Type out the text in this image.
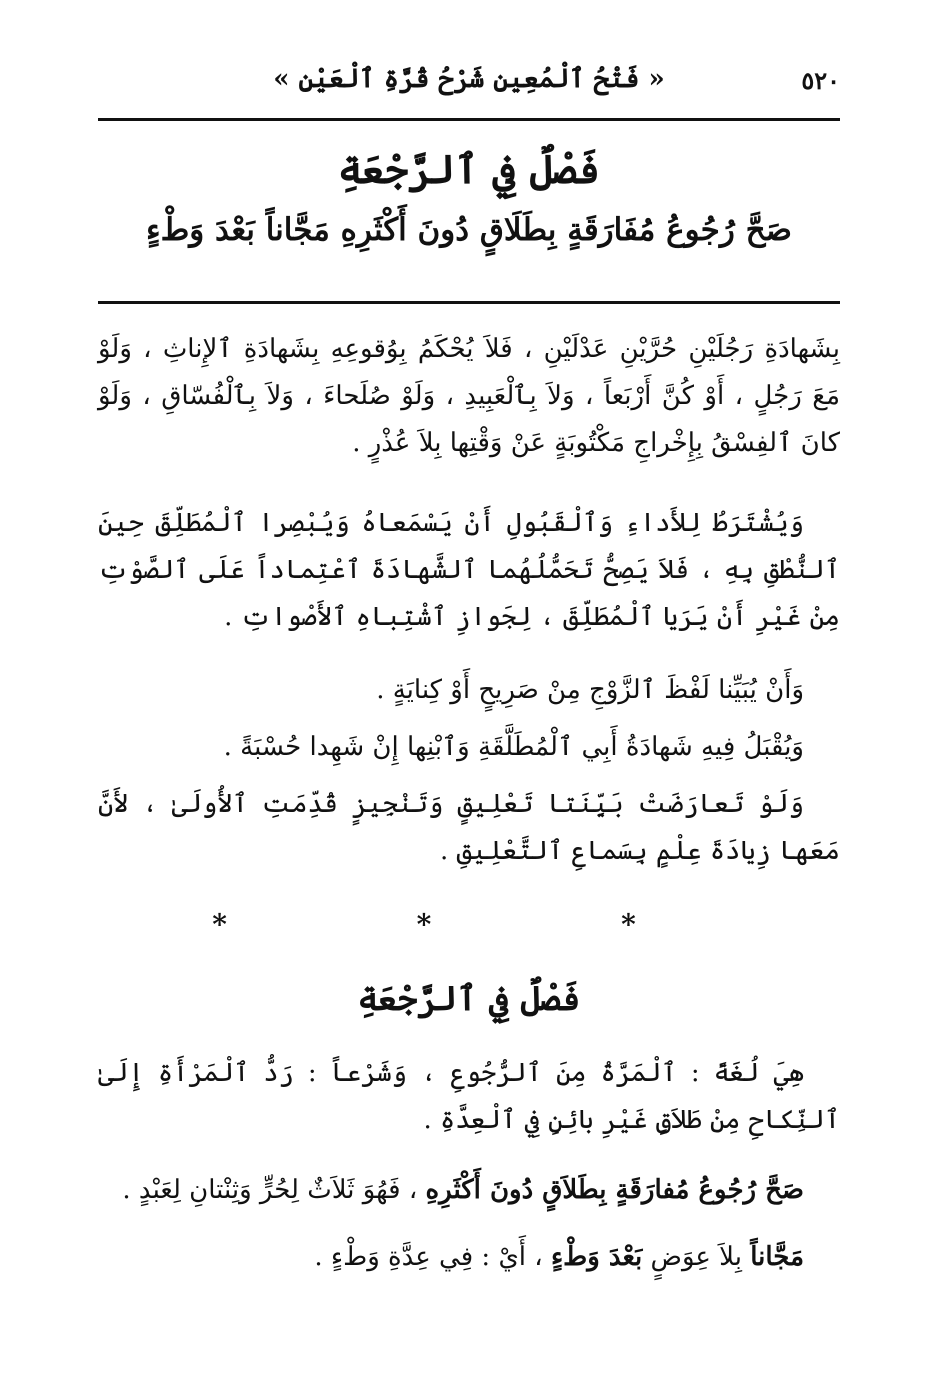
٥٢٠
« فَتْحُ ٱلْمُعِينِ شَرْحُ قُرَّةِ ٱلْعَيْنِ »
فَصْلٌ فِي ٱلرَّجْعَةِ
صَحَّ رُجُوعُ مُفَارَقَةٍ بِطَلَاقٍ دُونَ أَكْثَرِهِ مَجَّاناً بَعْدَ وَطْءٍ

بِشَهادَةِ رَجُلَيْنِ حُرَّيْنِ عَدْلَيْنِ ، فَلاَ يُحْكَمُ بِوُقوعِهِ بِشَهادَةِ ٱلإِناثِ ، وَلَوْ مَعَ رَجُلٍ ، أَوْ كُنَّ أَرْبَعاً ، وَلاَ بِٱلْعَبِيدِ ، وَلَوْ صُلَحاءَ ، وَلاَ بِٱلْفُسّاقِ ، وَلَوْ كانَ ٱلفِسْقُ بِإِخْراجِ مَكْتُوبَةٍ عَنْ وَقْتِها بِلاَ عُذْرٍ .

وَيُشْتَرَطُ لِلأَداءِ وَٱلْقَبُولِ أَنْ يَسْمَعاهُ وَيُبْصِرا ٱلْمُطَلِّقَ حِينَ ٱلنُّطْقِ بِهِ ، فَلاَ يَصِحُّ تَحَمُّلُهُما ٱلشَّهادَةَ ٱعْتِماداً عَلَى ٱلصَّوْتِ مِنْ غَيْرِ أَنْ يَرَيا ٱلْمُطَلِّقَ ، لِجَوازِ ٱشْتِباهِ ٱلأَصْواتِ .

وَأَنْ يُبَيِّنا لَفْظَ ٱلزَّوْجِ مِنْ صَرِيحٍ أَوْ كِنايَةٍ .

وَيُقْبَلُ فِيهِ شَهادَةُ أَبِي ٱلْمُطَلَّقَةِ وَٱبْنِها إِنْ شَهِدا حُسْبَةً .

وَلَوْ تَعارَضَتْ بَيِّنَتا تَعْلِيقٍ وَتَنْجِيزٍ قُدِّمَتِ ٱلأُولَىٰ ، لأَنَّ مَعَها زِيادَةَ عِلْمٍ بِسَماعِ ٱلتَّعْلِيقِ .

* * *
فَصْلٌ فِي ٱلرَّجْعَةِ

هِيَ لُغَةً : ٱلْمَرَّةُ مِنَ ٱلرُّجُوعِ ، وَشَرْعاً : رَدُّ ٱلْمَرْأَةِ إِلَىٰ ٱلنِّكاحِ مِنْ طَلاَقٍ غَيْرِ بائِنٍ فِي ٱلْعِدَّةِ .

صَحَّ رُجُوعُ مُفارَقَةٍ بِطَلاَقٍ دُونَ أَكْثَرِهِ ، فَهُوَ ثَلاَثٌ لِحُرٍّ وَثِنْتانِ لِعَبْدٍ .

مَجَّاناً بِلاَ عِوَضٍ بَعْدَ وَطْءٍ ، أَيْ : فِي عِدَّةِ وَطْءٍ .
